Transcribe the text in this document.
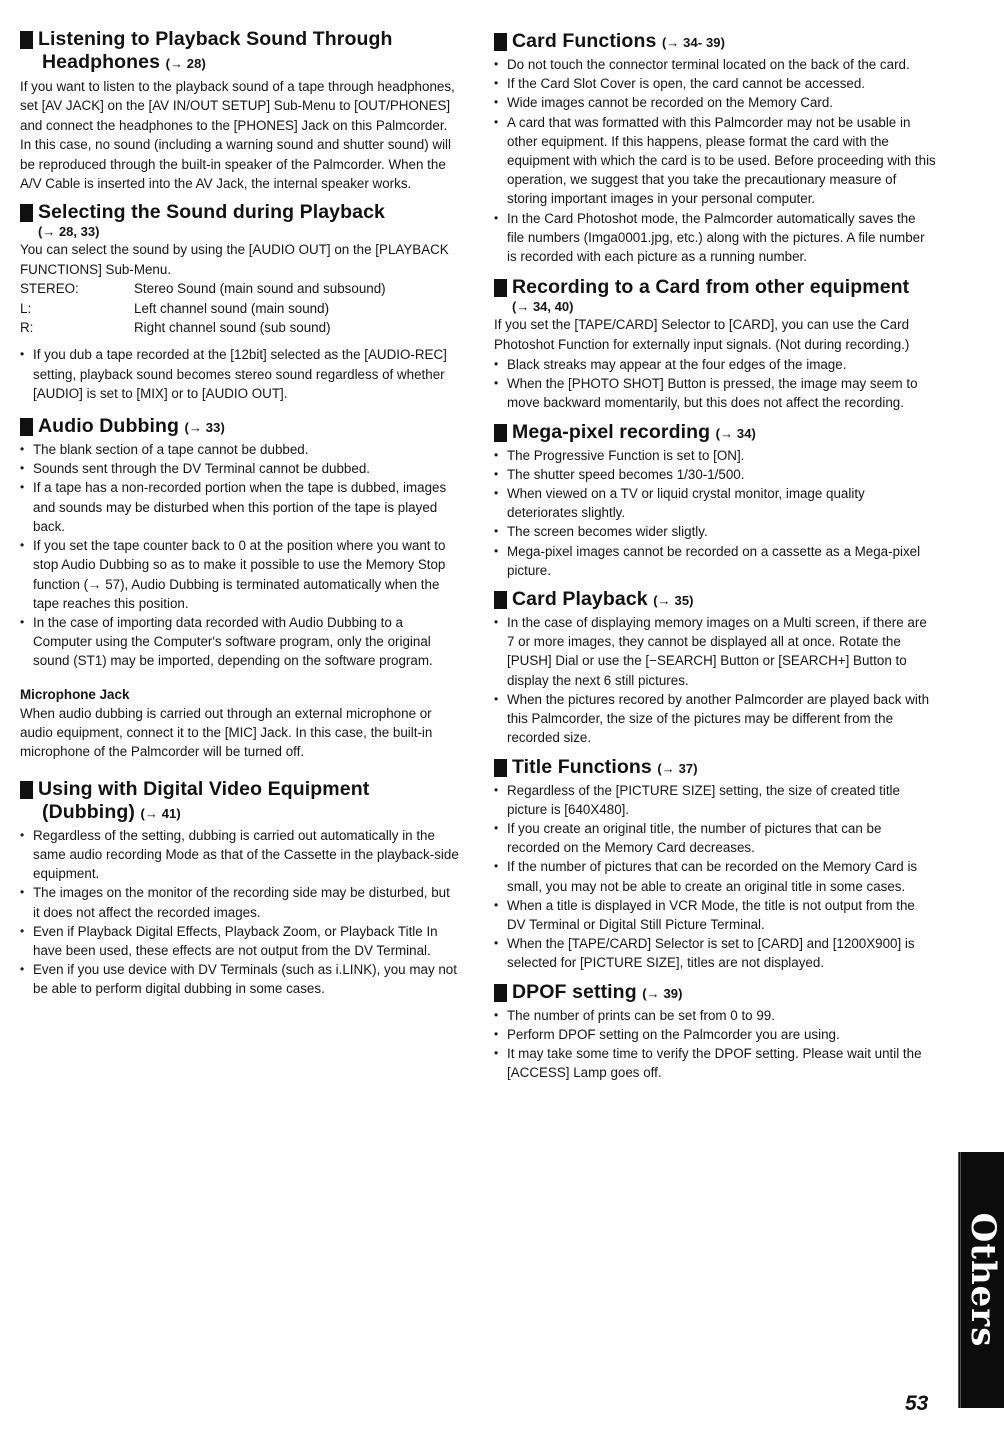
Listening to Playback Sound Through
Headphones (→ 28)

If you want to listen to the playback sound of a tape through headphones, set [AV JACK] on the [AV IN/OUT SETUP] Sub-Menu to [OUT/PHONES] and connect the headphones to the [PHONES] Jack on this Palmcorder. In this case, no sound (including a warning sound and shutter sound) will be reproduced through the built-in speaker of the Palmcorder. When the A/V Cable is inserted into the AV Jack, the internal speaker works.

Selecting the Sound during Playback
(→ 28, 33)

You can select the sound by using the [AUDIO OUT] on the [PLAYBACK FUNCTIONS] Sub-Menu.

STEREO:	Stereo Sound (main sound and subsound)
L:	Left channel sound (main sound)
R:	Right channel sound (sub sound)
• If you dub a tape recorded at the [12bit] selected as the [AUDIO-REC] setting, playback sound becomes stereo sound regardless of whether [AUDIO] is set to [MIX] or to [AUDIO OUT].
Audio Dubbing (→ 33)
• The blank section of a tape cannot be dubbed.
• Sounds sent through the DV Terminal cannot be dubbed.
• If a tape has a non-recorded portion when the tape is dubbed, images and sounds may be disturbed when this portion of the tape is played back.
• If you set the tape counter back to 0 at the position where you want to stop Audio Dubbing so as to make it possible to use the Memory Stop function (→ 57), Audio Dubbing is terminated automatically when the tape reaches this position.
• In the case of importing data recorded with Audio Dubbing to a Computer using the Computer's software program, only the original sound (ST1) may be imported, depending on the software program.
Microphone Jack

When audio dubbing is carried out through an external microphone or audio equipment, connect it to the [MIC] Jack. In this case, the built-in microphone of the Palmcorder will be turned off.

Using with Digital Video Equipment
(Dubbing) (→ 41)
• Regardless of the setting, dubbing is carried out automatically in the same audio recording Mode as that of the Cassette in the playback-side equipment.
• The images on the monitor of the recording side may be disturbed, but it does not affect the recorded images.
• Even if Playback Digital Effects, Playback Zoom, or Playback Title In have been used, these effects are not output from the DV Terminal.
• Even if you use device with DV Terminals (such as i.LINK), you may not be able to perform digital dubbing in some cases.
Card Functions (→ 34- 39)
• Do not touch the connector terminal located on the back of the card.
• If the Card Slot Cover is open, the card cannot be accessed.
• Wide images cannot be recorded on the Memory Card.
• A card that was formatted with this Palmcorder may not be usable in other equipment. If this happens, please format the card with the equipment with which the card is to be used. Before proceeding with this operation, we suggest that you take the precautionary measure of storing important images in your personal computer.
• In the Card Photoshot mode, the Palmcorder automatically saves the file numbers (Imga0001.jpg, etc.) along with the pictures. A file number is recorded with each picture as a running number.
Recording to a Card from other equipment
(→ 34, 40)

If you set the [TAPE/CARD] Selector to [CARD], you can use the Card Photoshot Function for externally input signals. (Not during recording.)

• Black streaks may appear at the four edges of the image.
• When the [PHOTO SHOT] Button is pressed, the image may seem to move backward momentarily, but this does not affect the recording.
Mega-pixel recording (→ 34)
• The Progressive Function is set to [ON].
• The shutter speed becomes 1/30-1/500.
• When viewed on a TV or liquid crystal monitor, image quality deteriorates slightly.
• The screen becomes wider sligtly.
• Mega-pixel images cannot be recorded on a cassette as a Mega-pixel picture.
Card Playback (→ 35)
• In the case of displaying memory images on a Multi screen, if there are 7 or more images, they cannot be displayed all at once. Rotate the [PUSH] Dial or use the [−SEARCH] Button or [SEARCH+] Button to display the next 6 still pictures.
• When the pictures recored by another Palmcorder are played back with this Palmcorder, the size of the pictures may be different from the recorded size.
Title Functions (→ 37)
• Regardless of the [PICTURE SIZE] setting, the size of created title picture is [640X480].
• If you create an original title, the number of pictures that can be recorded on the Memory Card decreases.
• If the number of pictures that can be recorded on the Memory Card is small, you may not be able to create an original title in some cases.
• When a title is displayed in VCR Mode, the title is not output from the DV Terminal or Digital Still Picture Terminal.
• When the [TAPE/CARD] Selector is set to [CARD] and [1200X900] is selected for [PICTURE SIZE], titles are not displayed.
DPOF setting (→ 39)
• The number of prints can be set from 0 to 99.
• Perform DPOF setting on the Palmcorder you are using.
• It may take some time to verify the DPOF setting. Please wait until the [ACCESS] Lamp goes off.
Others
53
